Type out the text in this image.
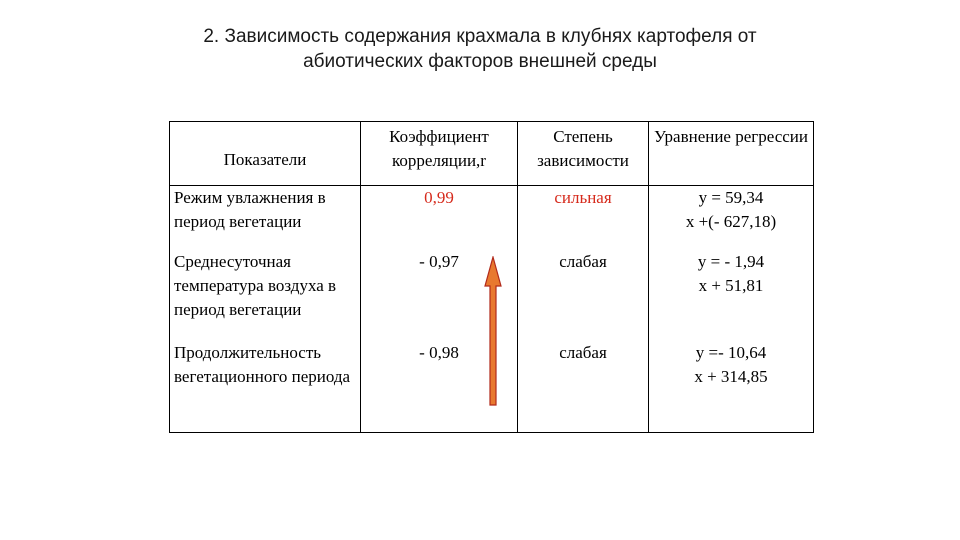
2. Зависимость содержания крахмала в клубнях картофеля от
абиотических факторов внешней среды
Показатели	Коэффициент корреляции,r	Степень зависимости	Уравнение регрессии
Режим увлажнения в период вегетации	0,99	сильная	y = 59,34
x +(- 627,18)

Среднесуточная температура воздуха в период вегетации	- 0,97	слабая	y = - 1,94
x + 51,81

Продолжительность вегетационного периода	- 0,98	слабая	y =- 10,64
x + 314,85
